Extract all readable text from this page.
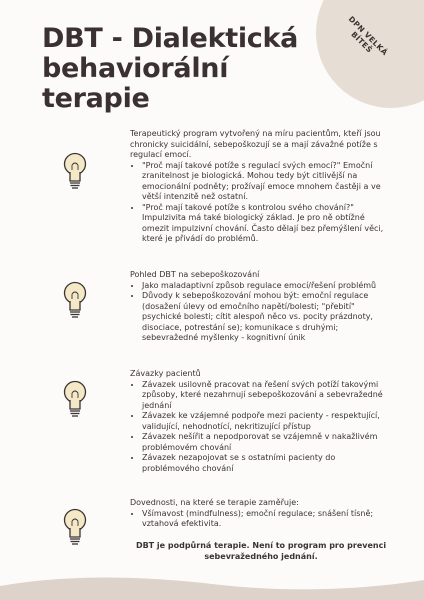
DPN VELKÁ BÍTEŠ
DBT - Dialektická
behaviorální
terapie

Terapeutický program vytvořený na míru pacientům, kteří jsou chronicky suicidální, sebepoškozují se a mají závažné potíže s regulací emocí.

• "Proč mají takové potíže s regulací svých emocí?" Emoční zranitelnost je biologická. Mohou tedy být citlivější na emocionální podněty; prožívají emoce mnohem častěji a ve větší intenzitě než ostatní.
• "Proč mají takové potíže s kontrolou svého chování?" Impulzivita má také biologický základ. Je pro ně obtížné omezit impulzivní chování. Často dělají bez přemýšlení věci, které je přivádí do problémů.

Pohled DBT na sebepoškozování

• Jako maladaptivní způsob regulace emocí/řešení problémů
• Důvody k sebepoškozování mohou být: emoční regulace (dosažení úlevy od emočního napětí/bolesti; "přebití" psychické bolesti; cítit alespoň něco vs. pocity prázdnoty, disociace, potrestání se); komunikace s druhými; sebevražedné myšlenky - kognitivní únik

Závazky pacientů

• Závazek usilovně pracovat na řešení svých potíží takovými způsoby, které nezahrnují sebepoškozování a sebevražedné jednání
• Závazek ke vzájemné podpoře mezi pacienty - respektující, validující, nehodnotící, nekritizující přístup
• Závazek nešířit a nepodporovat se vzájemně v nakažlivém problémovém chování
• Závazek nezapojovat se s ostatními pacienty do problémového chování

Dovednosti, na které se terapie zaměřuje:

• Všímavost (mindfulness); emoční regulace; snášení tísně; vztahová efektivita.
DBT je podpůrná terapie. Není to program pro prevenci sebevražedného jednání.
